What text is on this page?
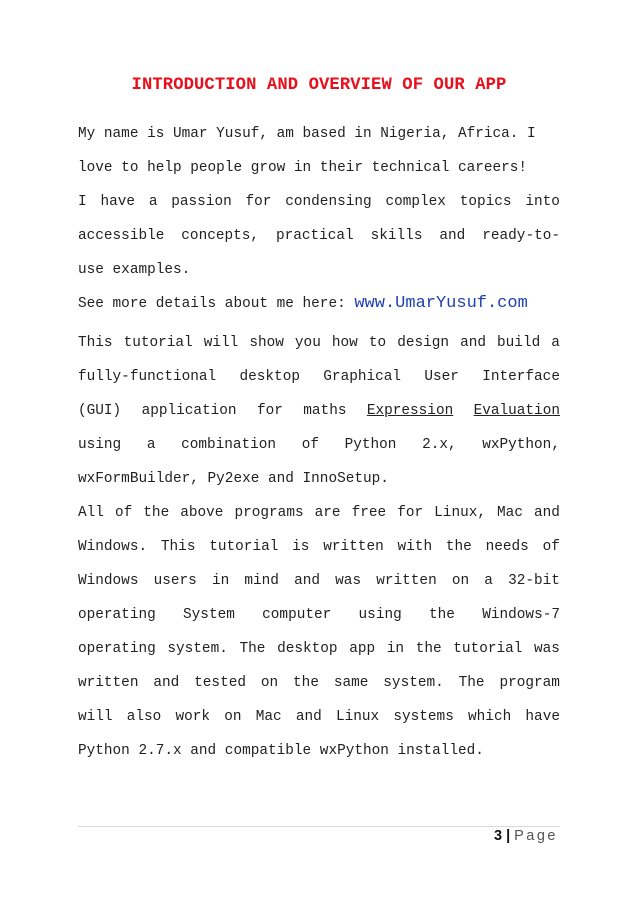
INTRODUCTION AND OVERVIEW OF OUR APP
My name is Umar Yusuf, am based in Nigeria, Africa. I
love to help people grow in their technical careers!
I have a passion for condensing complex topics into
accessible concepts, practical skills and ready-to-
use examples.
See more details about me here: www.UmarYusuf.com
This tutorial will show you how to design and build a
fully-functional desktop Graphical User Interface
(GUI) application for maths Expression Evaluation
using a combination of Python 2.x, wxPython,
wxFormBuilder, Py2exe and InnoSetup.
All of the above programs are free for Linux, Mac and
Windows. This tutorial is written with the needs of
Windows users in mind and was written on a 32-bit
operating System computer using the Windows-7
operating system. The desktop app in the tutorial was
written and tested on the same system. The program
will also work on Mac and Linux systems which have
Python 2.7.x and compatible wxPython installed.
3 | Page
